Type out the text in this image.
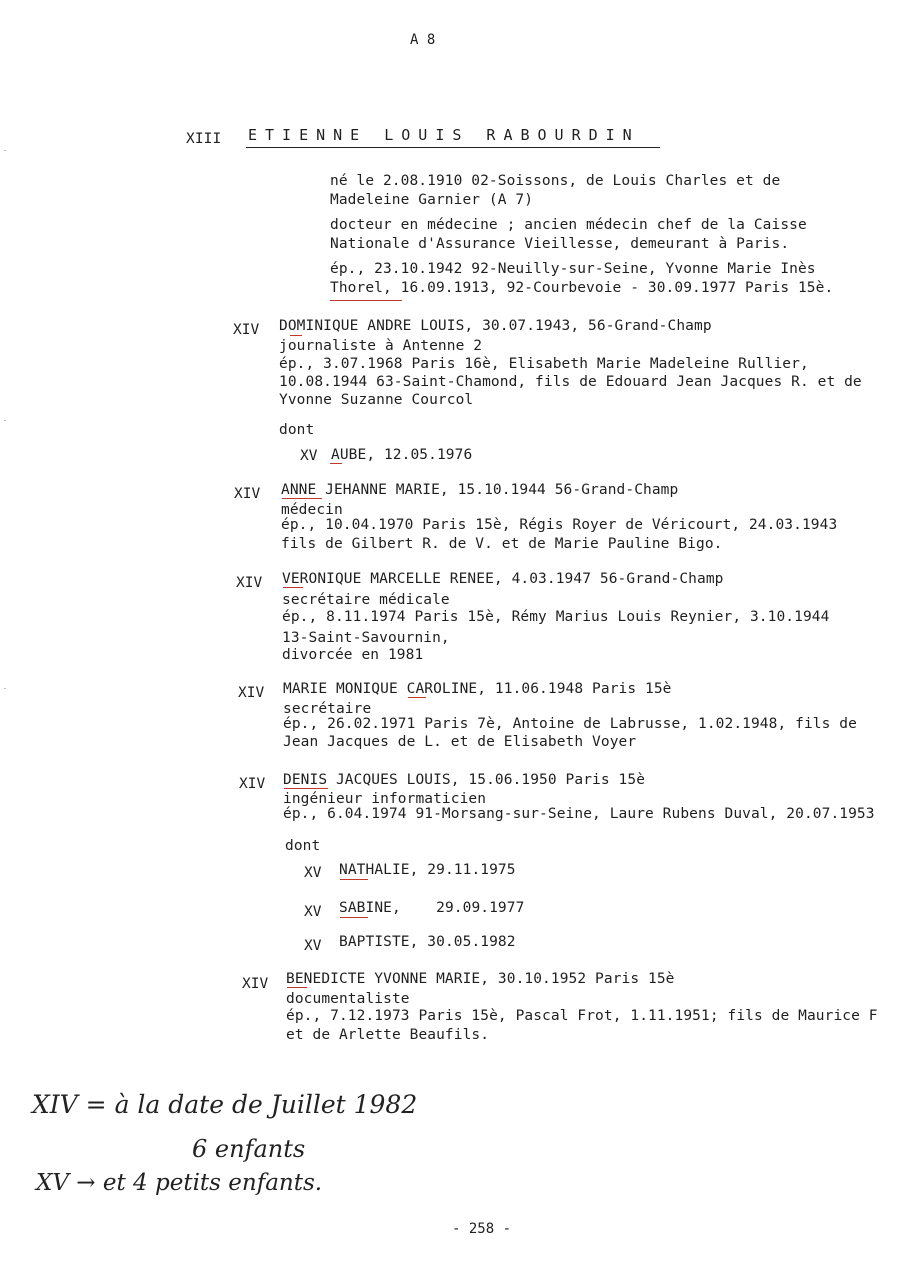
A 8
XIII ETIENNE LOUIS RABOURDIN
né le 2.08.1910 02-Soissons, de Louis Charles et de
Madeleine Garnier (A 7)
docteur en médecine ; ancien médecin chef de la Caisse
Nationale d'Assurance Vieillesse, demeurant à Paris.
ép., 23.10.1942 92-Neuilly-sur-Seine, Yvonne Marie Inès
Thorel, 16.09.1913, 92-Courbevoie - 30.09.1977 Paris 15è.
XIV DOMINIQUE ANDRE LOUIS, 30.07.1943, 56-Grand-Champ
journaliste à Antenne 2
ép., 3.07.1968 Paris 16è, Elisabeth Marie Madeleine Rullier,
10.08.1944 63-Saint-Chamond, fils de Edouard Jean Jacques R. et de
Yvonne Suzanne Courcol
dont
XV AUBE, 12.05.1976
XIV ANNE JEHANNE MARIE, 15.10.1944 56-Grand-Champ
médecin
ép., 10.04.1970 Paris 15è, Régis Royer de Véricourt, 24.03.1943
fils de Gilbert R. de V. et de Marie Pauline Bigo.
XIV VERONIQUE MARCELLE RENEE, 4.03.1947 56-Grand-Champ
secrétaire médicale
ép., 8.11.1974 Paris 15è, Rémy Marius Louis Reynier, 3.10.1944
13-Saint-Savournin,
divorcée en 1981
XIV MARIE MONIQUE CAROLINE, 11.06.1948 Paris 15è
secrétaire
ép., 26.02.1971 Paris 7è, Antoine de Labrusse, 1.02.1948, fils de
Jean Jacques de L. et de Elisabeth Voyer
XIV DENIS JACQUES LOUIS, 15.06.1950 Paris 15è
ingénieur informaticien
ép., 6.04.1974 91-Morsang-sur-Seine, Laure Rubens Duval, 20.07.1953
dont
XV NATHALIE, 29.11.1975
XV SABINE,    29.09.1977
XV BAPTISTE, 30.05.1982
XIV BENEDICTE YVONNE MARIE, 30.10.1952 Paris 15è
documentaliste
ép., 7.12.1973 Paris 15è, Pascal Frot, 1.11.1951; fils de Maurice F
et de Arlette Beaufils.
XIV = à la date de Juillet 1982
6 enfants
XV → et 4 petits enfants.
- 258 -
